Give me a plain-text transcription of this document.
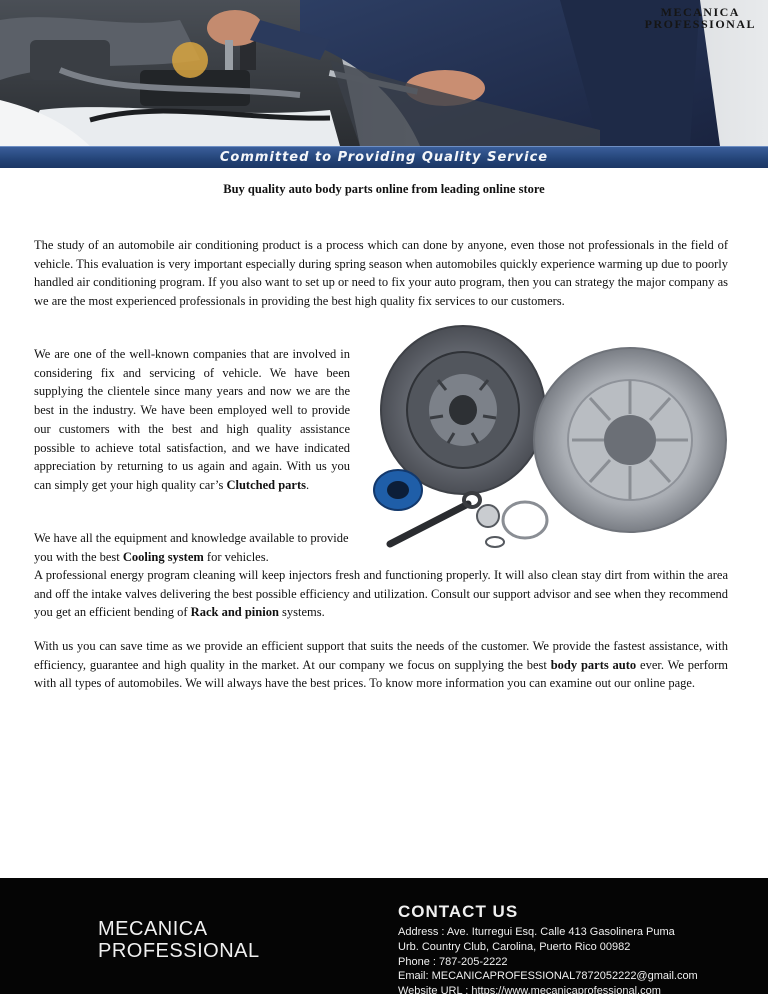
MECANICA
PROFESSIONAL
Committed to Providing Quality Service
Buy quality auto body parts online from leading online store

The study of an automobile air conditioning product is a process which can done by anyone, even those not professionals in the field of vehicle. This evaluation is very important especially during spring season when automobiles quickly experience warming up due to poorly handled air conditioning program. If you also want to set up or need to fix your auto program, then you can strategy the major company as we are the most experienced professionals in providing the best high quality fix services to our customers.

We are one of the well-known companies that are involved in considering fix and servicing of vehicle. We have been supplying the clientele since many years and now we are the best in the industry. We have been employed well to provide our customers with the best and high quality assistance possible to achieve total satisfaction, and we have indicated appreciation by returning to us again and again. With us you can simply get your high quality car’s Clutched parts.

We have all the equipment and knowledge available to provide you with the best Cooling system for vehicles.

A professional energy program cleaning will keep injectors fresh and functioning properly. It will also clean stay dirt from within the area and off the intake valves delivering the best possible efficiency and utilization. Consult our support advisor and see when they recommend you get an efficient bending of Rack and pinion systems.

With us you can save time as we provide an efficient support that suits the needs of the customer. We provide the fastest assistance, with efficiency, guarantee and high quality in the market. At our company we focus on supplying the best body parts auto ever. We perform with all types of automobiles. We will always have the best prices. To know more information you can examine out our online page.

MECANICA
PROFESSIONAL
CONTACT US
Address : Ave. Iturregui Esq. Calle 413 Gasolinera Puma
Urb. Country Club, Carolina, Puerto Rico 00982
Phone : 787-205-2222
Email: MECANICAPROFESSIONAL7872052222@gmail.com
Website URL : https://www.mecanicaprofessional.com
